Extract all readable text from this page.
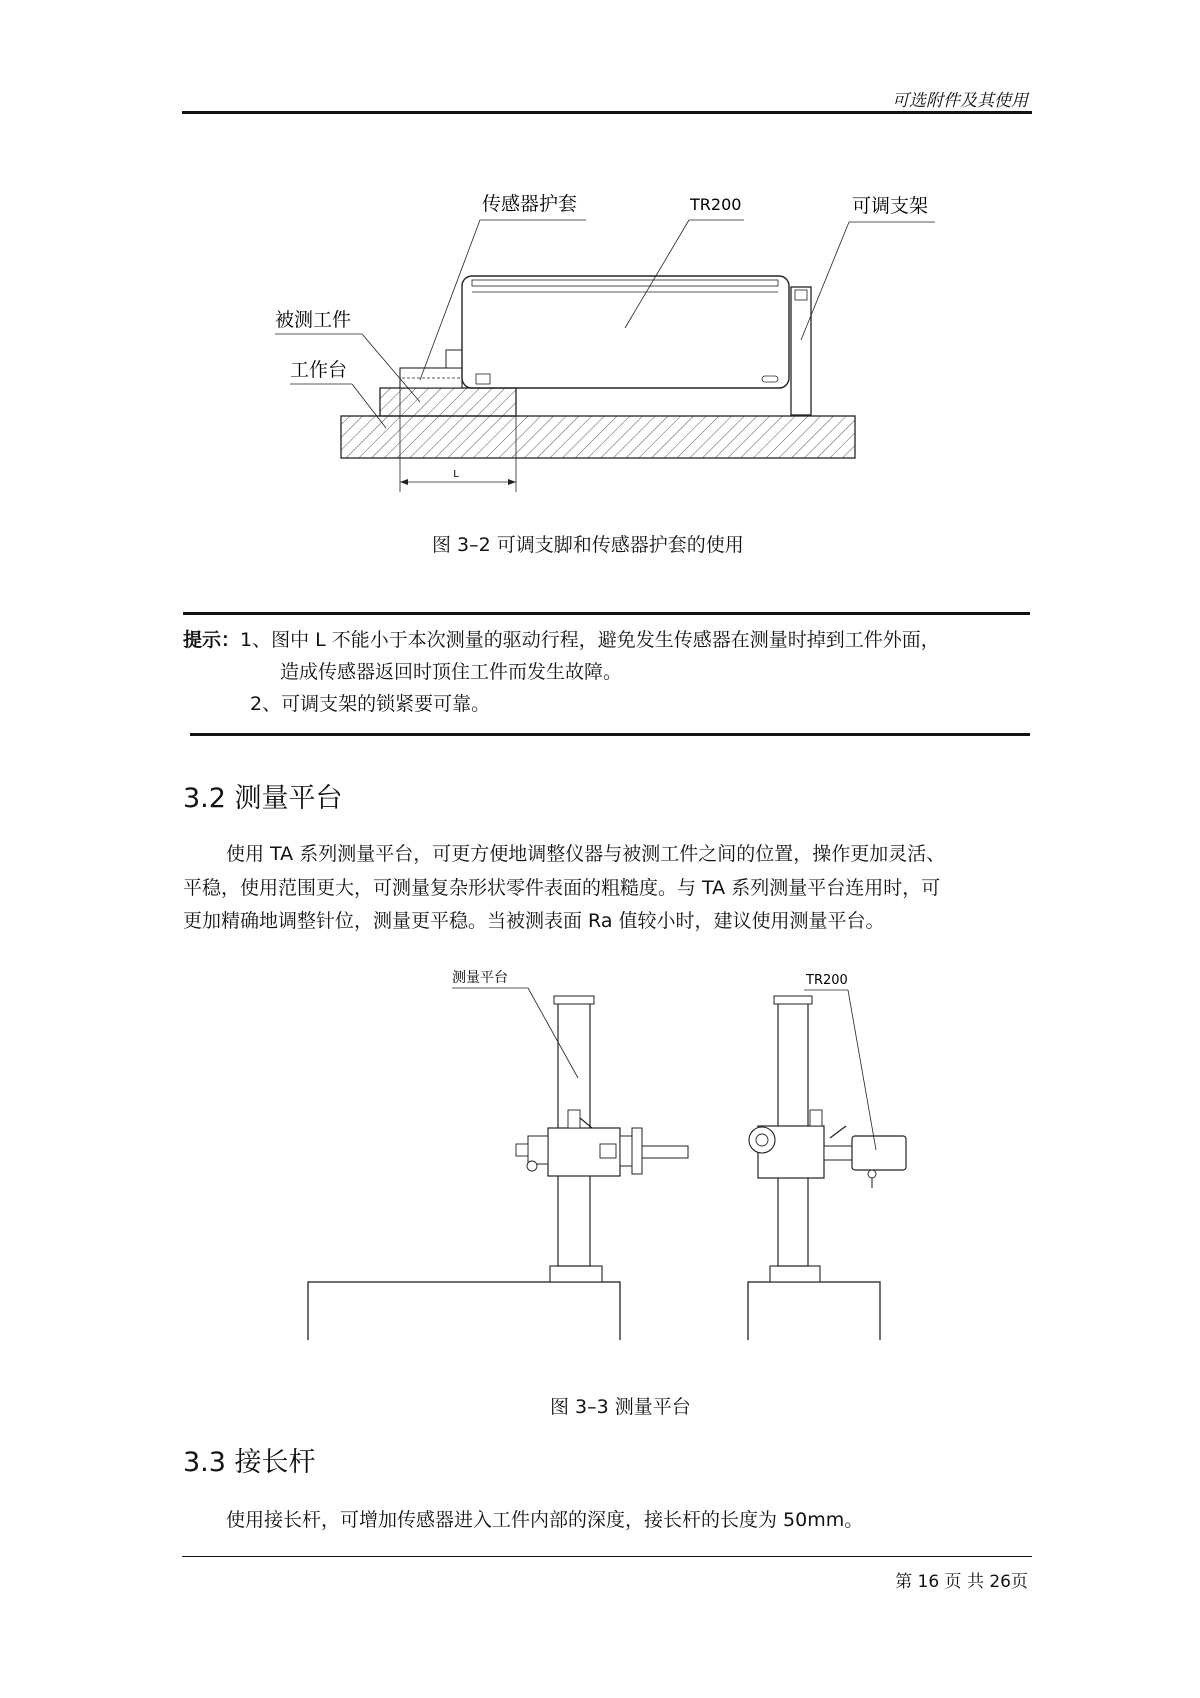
可选附件及其使用
L
传感器护套	TR200	可调支架
被测工件
工作台
图 3–2 可调支脚和传感器护套的使用
提示：1、图中 L 不能小于本次测量的驱动行程，避免发生传感器在测量时掉到工件外面，
造成传感器返回时顶住工件而发生故障。
2、可调支架的锁紧要可靠。
3.2 测量平台
使用 TA 系列测量平台，可更方便地调整仪器与被测工件之间的位置，操作更加灵活、
平稳，使用范围更大，可测量复杂形状零件表面的粗糙度。与 TA 系列测量平台连用时，可
更加精确地调整针位，测量更平稳。当被测表面 Ra 值较小时，建议使用测量平台。
测量平台	TR200
图 3–3 测量平台
3.3 接长杆
使用接长杆，可增加传感器进入工件内部的深度，接长杆的长度为 50mm。
第 16 页 共 26页
